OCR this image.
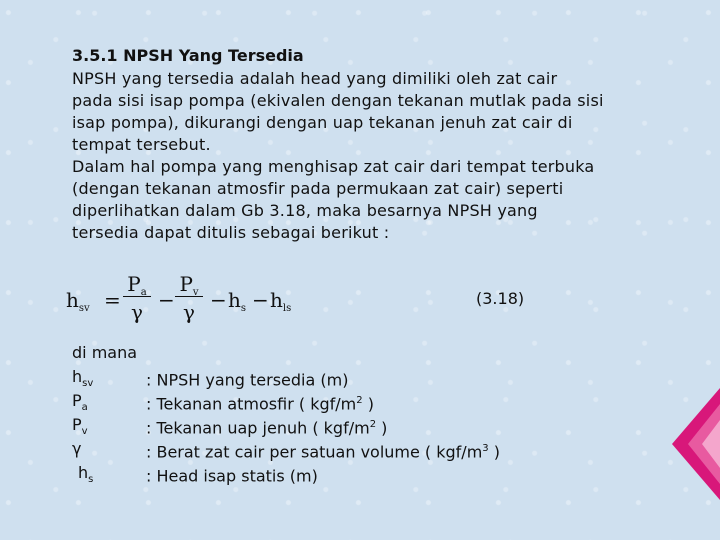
3.5.1 NPSH Yang Tersedia

NPSH yang tersedia adalah head yang dimiliki oleh zat cair

pada sisi isap pompa (ekivalen dengan tekanan mutlak pada sisi

isap pompa), dikurangi dengan uap tekanan jenuh zat cair di

tempat tersebut.

Dalam hal pompa yang menghisap zat cair dari tempat terbuka

(dengan tekanan atmosfir pada permukaan zat cair) seperti

diperlihatkan dalam Gb 3.18, maka besarnya NPSH yang

tersedia dapat ditulis sebagai berikut :

$h_{sv}$ =
$P_a$
γ −
$P_v$
$\gamma - h_s - h_{ls}$
(3.18)
di mana
$h_{sv}$	: NPSH yang tersedia (m)
$P_a$	: Tekanan atmosfir ( kgf/$m^2$ )
$P_v$	: Tekanan uap jenuh ( kgf/$m^2$ )
γ	: Berat zat cair per satuan volume ( kgf/$m^3$ )
$h_s$	: Head isap statis (m)
